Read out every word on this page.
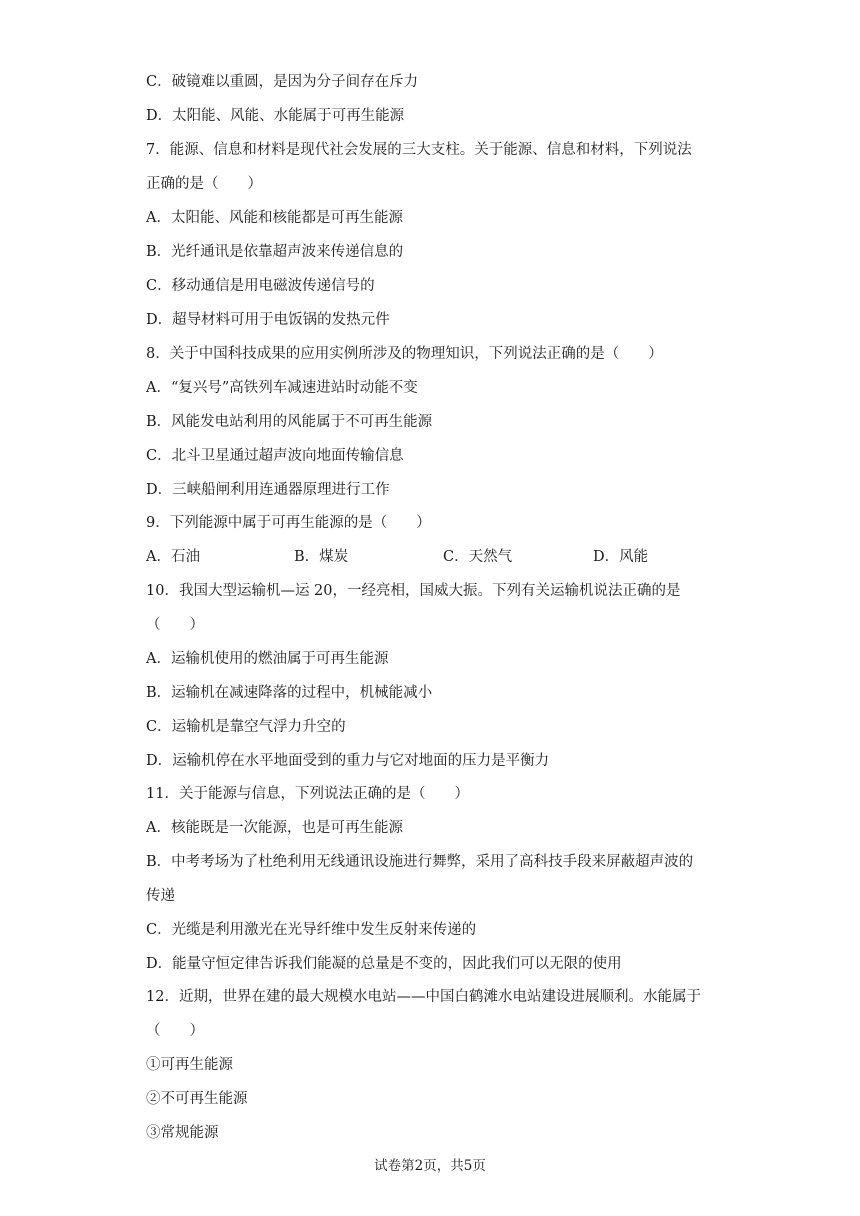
C．破镜难以重圆，是因为分子间存在斥力
D．太阳能、风能、水能属于可再生能源
7．能源、信息和材料是现代社会发展的三大支柱。关于能源、信息和材料，下列说法
正确的是（　　）
A．太阳能、风能和核能都是可再生能源
B．光纤通讯是依靠超声波来传递信息的
C．移动通信是用电磁波传递信号的
D．超导材料可用于电饭锅的发热元件
8．关于中国科技成果的应用实例所涉及的物理知识，下列说法正确的是（　　）
A．“复兴号”高铁列车减速进站时动能不变
B．风能发电站利用的风能属于不可再生能源
C．北斗卫星通过超声波向地面传输信息
D．三峡船闸利用连通器原理进行工作
9．下列能源中属于可再生能源的是（　　）
A．石油	B．煤炭	C．天然气	D．风能
10．我国大型运输机—运 20，一经亮相，国威大振。下列有关运输机说法正确的是
（　　）
A．运输机使用的燃油属于可再生能源
B．运输机在减速降落的过程中，机械能减小
C．运输机是靠空气浮力升空的
D．运输机停在水平地面受到的重力与它对地面的压力是平衡力
11．关于能源与信息，下列说法正确的是（　　）
A．核能既是一次能源，也是可再生能源
B．中考考场为了杜绝利用无线通讯设施进行舞弊，采用了高科技手段来屏蔽超声波的
传递
C．光缆是利用激光在光导纤维中发生反射来传递的
D．能量守恒定律告诉我们能凝的总量是不变的，因此我们可以无限的使用
12．近期，世界在建的最大规模水电站——中国白鹤滩水电站建设进展顺利。水能属于
（　　）
①可再生能源
②不可再生能源
③常规能源
试卷第2页，共5页
